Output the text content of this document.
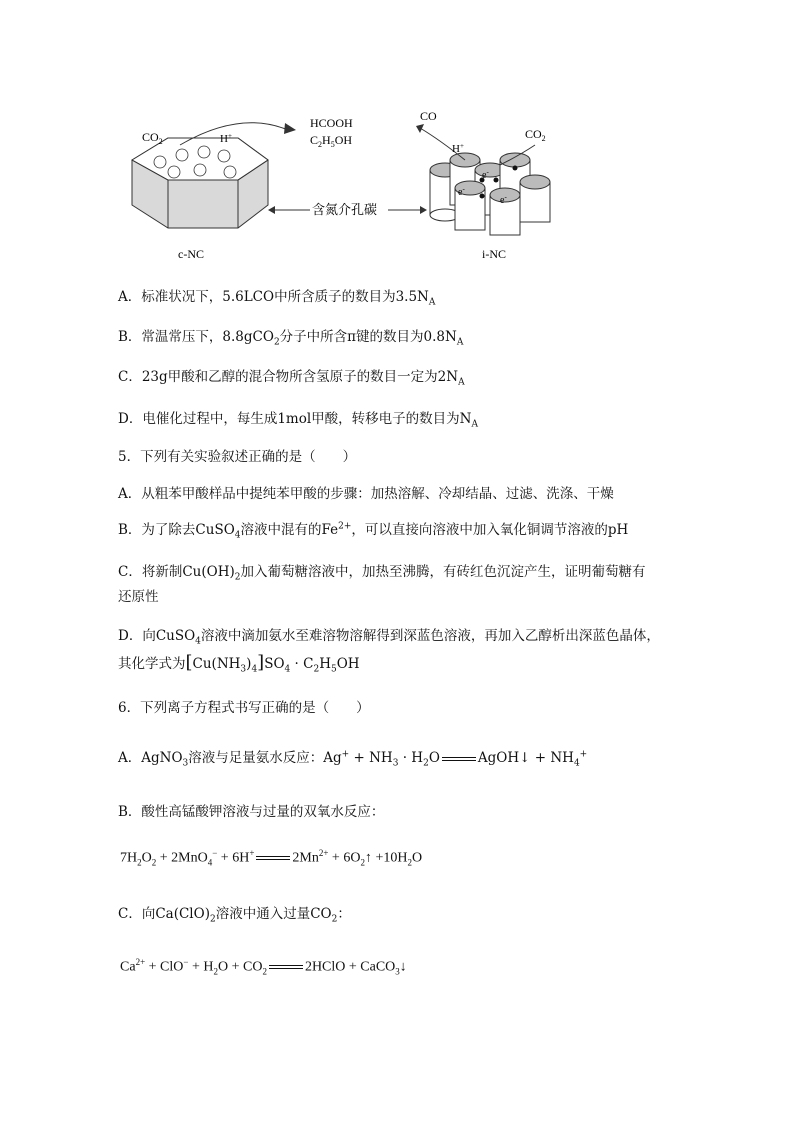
$CO_2$	H+
HCOOH
$C_2H_5OH$
c-NC
含氮介孔碳
CO
$CO_2$
H+
e-
e-
e-
i-NC
A．标准状况下，5.6LCO中所含质子的数目为$3.5N_A$
B．常温常压下，8.8gCO$_2$分子中所含π键的数目为$0.8N_A$
C．23g甲酸和乙醇的混合物所含氢原子的数目一定为$2N_A$
D．电催化过程中，每生成1mol甲酸，转移电子的数目为$N_A$
5．下列有关实验叙述正确的是（　　）
A．从粗苯甲酸样品中提纯苯甲酸的步骤：加热溶解、冷却结晶、过滤、洗涤、干燥
B．为了除去CuSO$_4$溶液中混有的$Fe^{2+}$，可以直接向溶液中加入氧化铜调节溶液的pH
C．将新制$Cu(OH)_2$加入葡萄糖溶液中，加热至沸腾，有砖红色沉淀产生，证明葡萄糖有
还原性
D．向CuSO$_4$溶液中滴加氨水至难溶物溶解得到深蓝色溶液，再加入乙醇析出深蓝色晶体，
其化学式为$[Cu(NH_3)_4]SO_4 \cdot C_2H_5OH$
6．下列离子方程式书写正确的是（　　）
A．AgNO$_3$溶液与足量氨水反应：$Ag^+ + NH_3 \cdot H_2O$	AgOH↓ + $NH_4^+$
B．酸性高锰酸钾溶液与过量的双氧水反应：
$7H_2O_2 + 2MnO_4^- + 6H^+$	$2Mn^{2+}$ + $6O_2↑ +10H_2O$
C．向$Ca(ClO)_2$溶液中通入过量$CO_2$：
$Ca^{2+} + ClO^- + H_2O + CO_2$	2HClO + CaCO$_3$↓
